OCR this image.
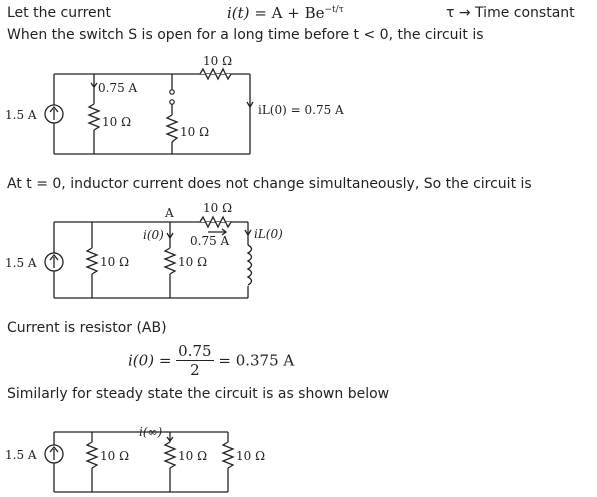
Let the current	$i(t) = A + Be^{-t/\tau}$	τ → Time constant
When the switch S is open for a long time before t < 0, the circuit is
1.5 A
0.75 A
10 Ω
10 Ω
10 Ω
iL(0) = 0.75 A
At t = 0, inductor current does not change simultaneously, So the circuit is
1.5 A
A
i(0)
10 Ω
0.75 A iL(0)
10 Ω	10 Ω
Current is resistor (AB)
$i(0) = \frac{0.75}{2} = 0.375$ A
Similarly for steady state the circuit is as shown below
1.5 A
i(∞)
10 Ω	10 Ω 10 Ω
